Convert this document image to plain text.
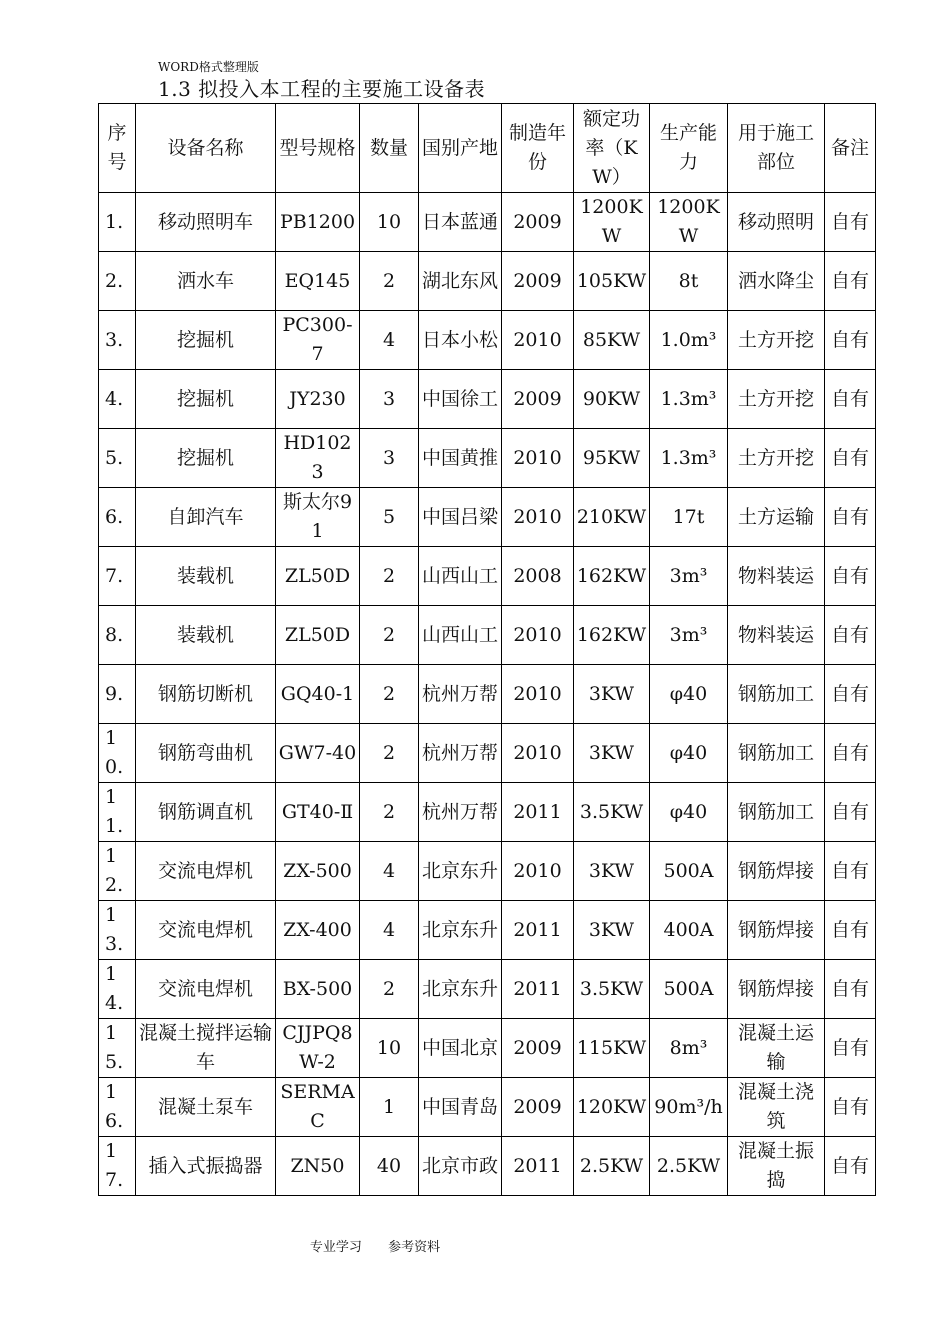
WORD格式整理版
1.3 拟投入本工程的主要施工设备表
序号	设备名称	型号规格	数量	国别产地	制造年份	额定功率（KW）	生产能力	用于施工部位	备注
1.	移动照明车	PB1200	10	日本蓝通	2009	1200KW	1200KW	移动照明	自有
2.	洒水车	EQ145	2	湖北东风	2009	105KW	8t	洒水降尘	自有
3.	挖掘机	PC300-7	4	日本小松	2010	85KW	1.0m³	土方开挖	自有
4.	挖掘机	JY230	3	中国徐工	2009	90KW	1.3m³	土方开挖	自有
5.	挖掘机	HD1023	3	中国黄推	2010	95KW	1.3m³	土方开挖	自有
6.	自卸汽车	斯太尔91	5	中国吕梁	2010	210KW	17t	土方运输	自有
7.	装载机	ZL50D	2	山西山工	2008	162KW	3m³	物料装运	自有
8.	装载机	ZL50D	2	山西山工	2010	162KW	3m³	物料装运	自有
9.	钢筋切断机	GQ40-1	2	杭州万帮	2010	3KW	φ40	钢筋加工	自有
10.	钢筋弯曲机	GW7-40	2	杭州万帮	2010	3KW	φ40	钢筋加工	自有
11.	钢筋调直机	GT40-Ⅱ	2	杭州万帮	2011	3.5KW	φ40	钢筋加工	自有
12.	交流电焊机	ZX-500	4	北京东升	2010	3KW	500A	钢筋焊接	自有
13.	交流电焊机	ZX-400	4	北京东升	2011	3KW	400A	钢筋焊接	自有
14.	交流电焊机	BX-500	2	北京东升	2011	3.5KW	500A	钢筋焊接	自有
15.	混凝土搅拌运输车	CJJPQ8W-2	10	中国北京	2009	115KW	8m³	混凝土运输	自有
16.	混凝土泵车	SERMAC	1	中国青岛	2009	120KW	90m³/h	混凝土浇筑	自有
17.	插入式振捣器	ZN50	40	北京市政	2011	2.5KW	2.5KW	混凝土振捣	自有
专业学习 参考资料
